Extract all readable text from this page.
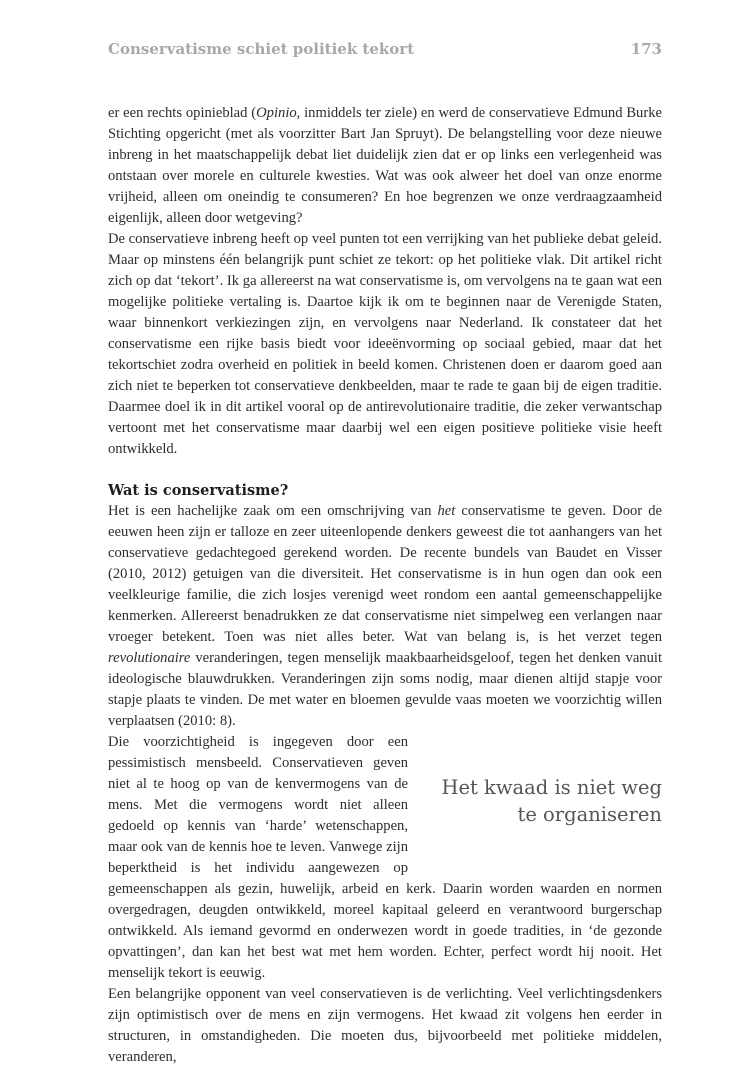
Conservatisme schiet politiek tekort	173

er een rechts opinieblad (Opinio, inmiddels ter ziele) en werd de conservatieve Edmund Burke Stichting opgericht (met als voorzitter Bart Jan Spruyt). De belangstelling voor deze nieuwe inbreng in het maatschappelijk debat liet duidelijk zien dat er op links een verlegenheid was ontstaan over morele en culturele kwesties. Wat was ook alweer het doel van onze enorme vrijheid, alleen om oneindig te consumeren? En hoe begrenzen we onze verdraagzaamheid eigenlijk, alleen door wetgeving?

De conservatieve inbreng heeft op veel punten tot een verrijking van het publieke debat geleid. Maar op minstens één belangrijk punt schiet ze tekort: op het politieke vlak. Dit artikel richt zich op dat ‘tekort’. Ik ga allereerst na wat conservatisme is, om vervolgens na te gaan wat een mogelijke politieke vertaling is. Daartoe kijk ik om te beginnen naar de Verenigde Staten, waar binnenkort verkiezingen zijn, en vervolgens naar Nederland. Ik constateer dat het conservatisme een rijke basis biedt voor ideeënvorming op sociaal gebied, maar dat het tekortschiet zodra overheid en politiek in beeld komen. Christenen doen er daarom goed aan zich niet te beperken tot conservatieve denkbeelden, maar te rade te gaan bij de eigen traditie. Daarmee doel ik in dit artikel vooral op de antirevolutionaire traditie, die zeker verwantschap vertoont met het conservatisme maar daarbij wel een eigen positieve politieke visie heeft ontwikkeld.

Wat is conservatisme?

Het is een hachelijke zaak om een omschrijving van het conservatisme te geven. Door de eeuwen heen zijn er talloze en zeer uiteenlopende denkers geweest die tot aanhangers van het conservatieve gedachtegoed gerekend worden. De recente bundels van Baudet en Visser (2010, 2012) getuigen van die diversiteit. Het conservatisme is in hun ogen dan ook een veelkleurige familie, die zich losjes verenigd weet rondom een aantal gemeenschappelijke kenmerken. Allereerst benadrukken ze dat conservatisme niet simpelweg een verlangen naar vroeger betekent. Toen was niet alles beter. Wat van belang is, is het verzet tegen revolutionaire veranderingen, tegen menselijk maakbaarheidsgeloof, tegen het denken vanuit ideologische blauwdrukken. Veranderingen zijn soms nodig, maar dienen altijd stapje voor stapje plaats te vinden. De met water en bloemen gevulde vaas moeten we voorzichtig willen verplaatsen (2010: 8).

Het kwaad is niet weg te organiseren
Die voorzichtigheid is ingegeven door een pessimistisch mensbeeld. Conservatieven geven niet al te hoog op van de kenvermogens van de mens. Met die vermogens wordt niet alleen gedoeld op kennis van ‘harde’ wetenschappen, maar ook van de kennis hoe te leven. Vanwege zijn beperktheid is het individu aangewezen op gemeenschappen als gezin, huwelijk, arbeid en kerk. Daarin worden waarden en normen overgedragen, deugden ontwikkeld, moreel kapitaal geleerd en verantwoord burgerschap ontwikkeld. Als iemand gevormd en onderwezen wordt in goede tradities, in ‘de gezonde opvattingen’, dan kan het best wat met hem worden. Echter, perfect wordt hij nooit. Het menselijk tekort is eeuwig.

Een belangrijke opponent van veel conservatieven is de verlichting. Veel verlichtingsdenkers zijn optimistisch over de mens en zijn vermogens. Het kwaad zit volgens hen eerder in structuren, in omstandigheden. Die moeten dus, bijvoorbeeld met politieke middelen, veranderen,
